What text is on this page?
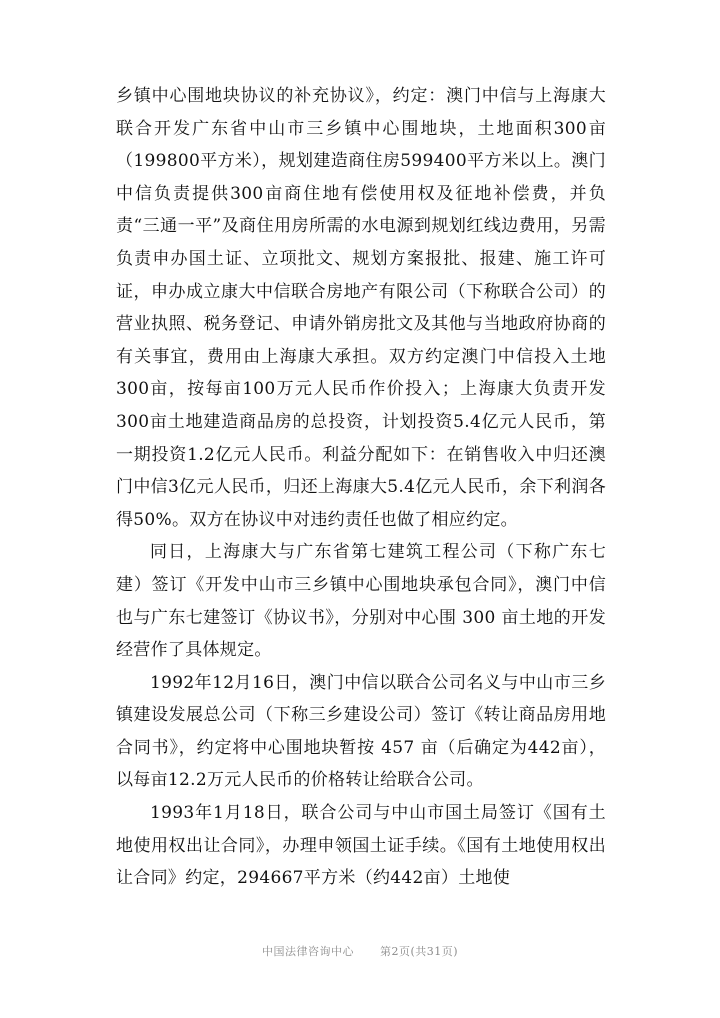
乡镇中心围地块协议的补充协议》，约定：澳门中信与上海康大联合开发广东省中山市三乡镇中心围地块，土地面积300亩（199800平方米），规划建造商住房599400平方米以上。澳门中信负责提供300亩商住地有偿使用权及征地补偿费，并负责“三通一平”及商住用房所需的水电源到规划红线边费用，另需负责申办国土证、立项批文、规划方案报批、报建、施工许可证，申办成立康大中信联合房地产有限公司（下称联合公司）的营业执照、税务登记、申请外销房批文及其他与当地政府协商的有关事宜，费用由上海康大承担。双方约定澳门中信投入土地300亩，按每亩100万元人民币作价投入；上海康大负责开发300亩土地建造商品房的总投资，计划投资5.4亿元人民币，第一期投资1.2亿元人民币。利益分配如下：在销售收入中归还澳门中信3亿元人民币，归还上海康大5.4亿元人民币，余下利润各得50%。双方在协议中对违约责任也做了相应约定。

同日，上海康大与广东省第七建筑工程公司（下称广东七建）签订《开发中山市三乡镇中心围地块承包合同》，澳门中信也与广东七建签订《协议书》，分别对中心围 300 亩土地的开发经营作了具体规定。

1992年12月16日，澳门中信以联合公司名义与中山市三乡镇建设发展总公司（下称三乡建设公司）签订《转让商品房用地合同书》，约定将中心围地块暂按 457 亩（后确定为442亩），以每亩12.2万元人民币的价格转让给联合公司。

1993年1月18日，联合公司与中山市国土局签订《国有土地使用权出让合同》，办理申领国土证手续。《国有土地使用权出让合同》约定，294667平方米（约442亩）土地使

中国法律咨询中心 第2页(共31页)
